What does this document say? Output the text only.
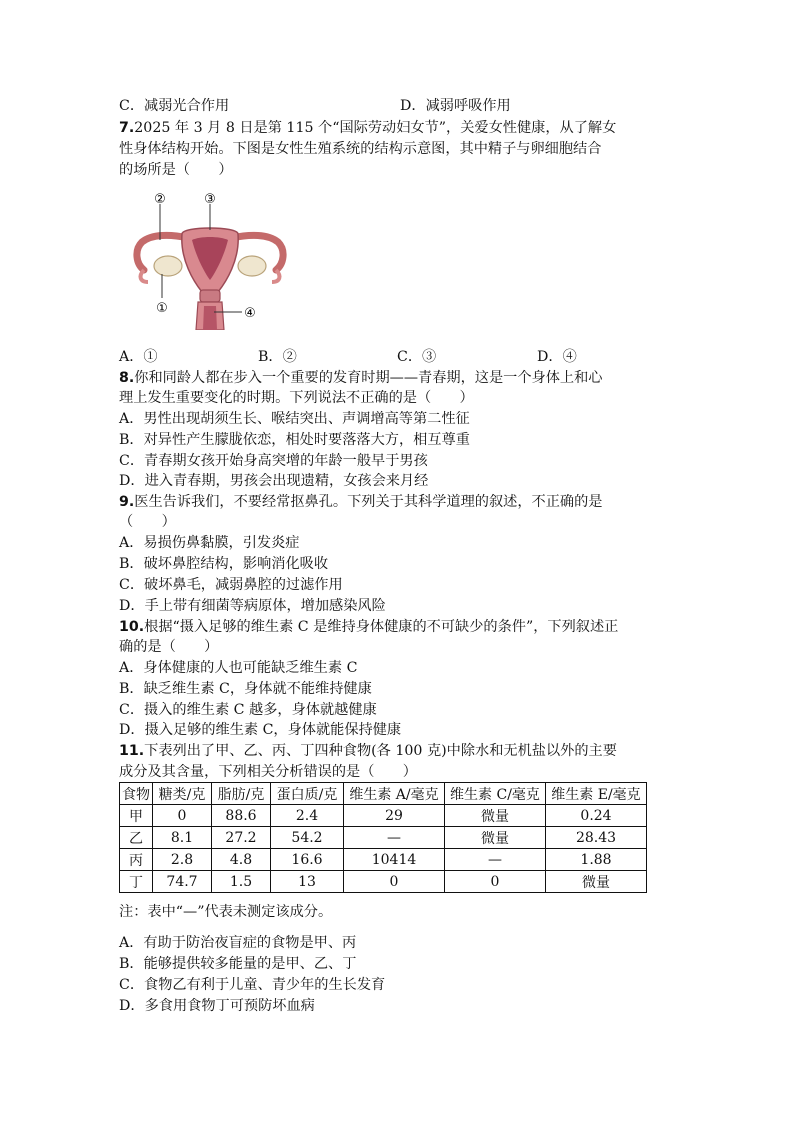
C．减弱光合作用	D．减弱呼吸作用
7.2025 年 3 月 8 日是第 115 个“国际劳动妇女节”，关爱女性健康，从了解女
性身体结构开始。下图是女性生殖系统的结构示意图，其中精子与卵细胞结合
的场所是（　　）
②	③
①	④
A．①	B．②	C．③	D．④
8.你和同龄人都在步入一个重要的发育时期——青春期，这是一个身体上和心
理上发生重要变化的时期。下列说法不正确的是（　　）
A．男性出现胡须生长、喉结突出、声调增高等第二性征
B．对异性产生朦胧依恋，相处时要落落大方，相互尊重
C．青春期女孩开始身高突增的年龄一般早于男孩
D．进入青春期，男孩会出现遗精，女孩会来月经
9.医生告诉我们，不要经常抠鼻孔。下列关于其科学道理的叙述，不正确的是
（　　）
A．易损伤鼻黏膜，引发炎症
B．破坏鼻腔结构，影响消化吸收
C．破坏鼻毛，减弱鼻腔的过滤作用
D．手上带有细菌等病原体，增加感染风险
10.根据“摄入足够的维生素 C 是维持身体健康的不可缺少的条件”，下列叙述正
确的是（　　）
A．身体健康的人也可能缺乏维生素 C
B．缺乏维生素 C，身体就不能维持健康
C．摄入的维生素 C 越多，身体就越健康
D．摄入足够的维生素 C，身体就能保持健康
11.下表列出了甲、乙、丙、丁四种食物(各 100 克)中除水和无机盐以外的主要
成分及其含量，下列相关分析错误的是（　　）
食物	糖类/克	脂肪/克	蛋白质/克	维生素 A/毫克	维生素 C/毫克	维生素 E/毫克
甲	0	88.6	2.4	29	微量	0.24
乙	8.1	27.2	54.2	—	微量	28.43
丙	2.8	4.8	16.6	10414	—	1.88
丁	74.7	1.5	13	0	0	微量
注：表中“—”代表未测定该成分。
A．有助于防治夜盲症的食物是甲、丙
B．能够提供较多能量的是甲、乙、丁
C．食物乙有利于儿童、青少年的生长发育
D．多食用食物丁可预防坏血病
